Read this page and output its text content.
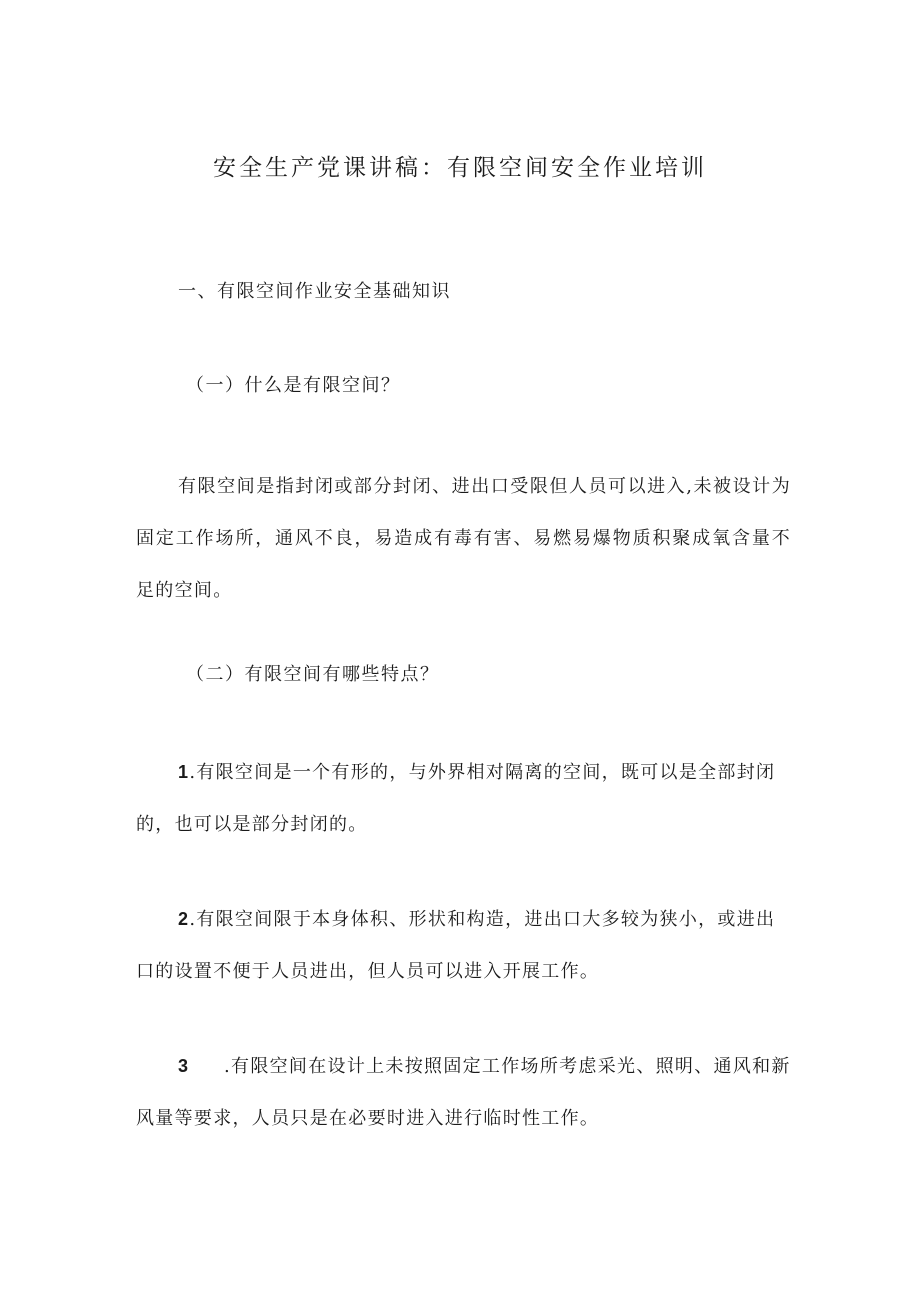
安全生产党课讲稿：有限空间安全作业培训
一、有限空间作业安全基础知识
（一）什么是有限空间？
有限空间是指封闭或部分封闭、进出口受限但人员可以进入,未被设计为固定工作场所，通风不良，易造成有毒有害、易燃易爆物质积聚成氧含量不足的空间。
（二）有限空间有哪些特点？
1.有限空间是一个有形的，与外界相对隔离的空间，既可以是全部封闭的，也可以是部分封闭的。
2.有限空间限于本身体积、形状和构造，进出口大多较为狭小，或进出口的设置不便于人员进出，但人员可以进入开展工作。
3 .有限空间在设计上未按照固定工作场所考虑采光、照明、通风和新风量等要求，人员只是在必要时进入进行临时性工作。
